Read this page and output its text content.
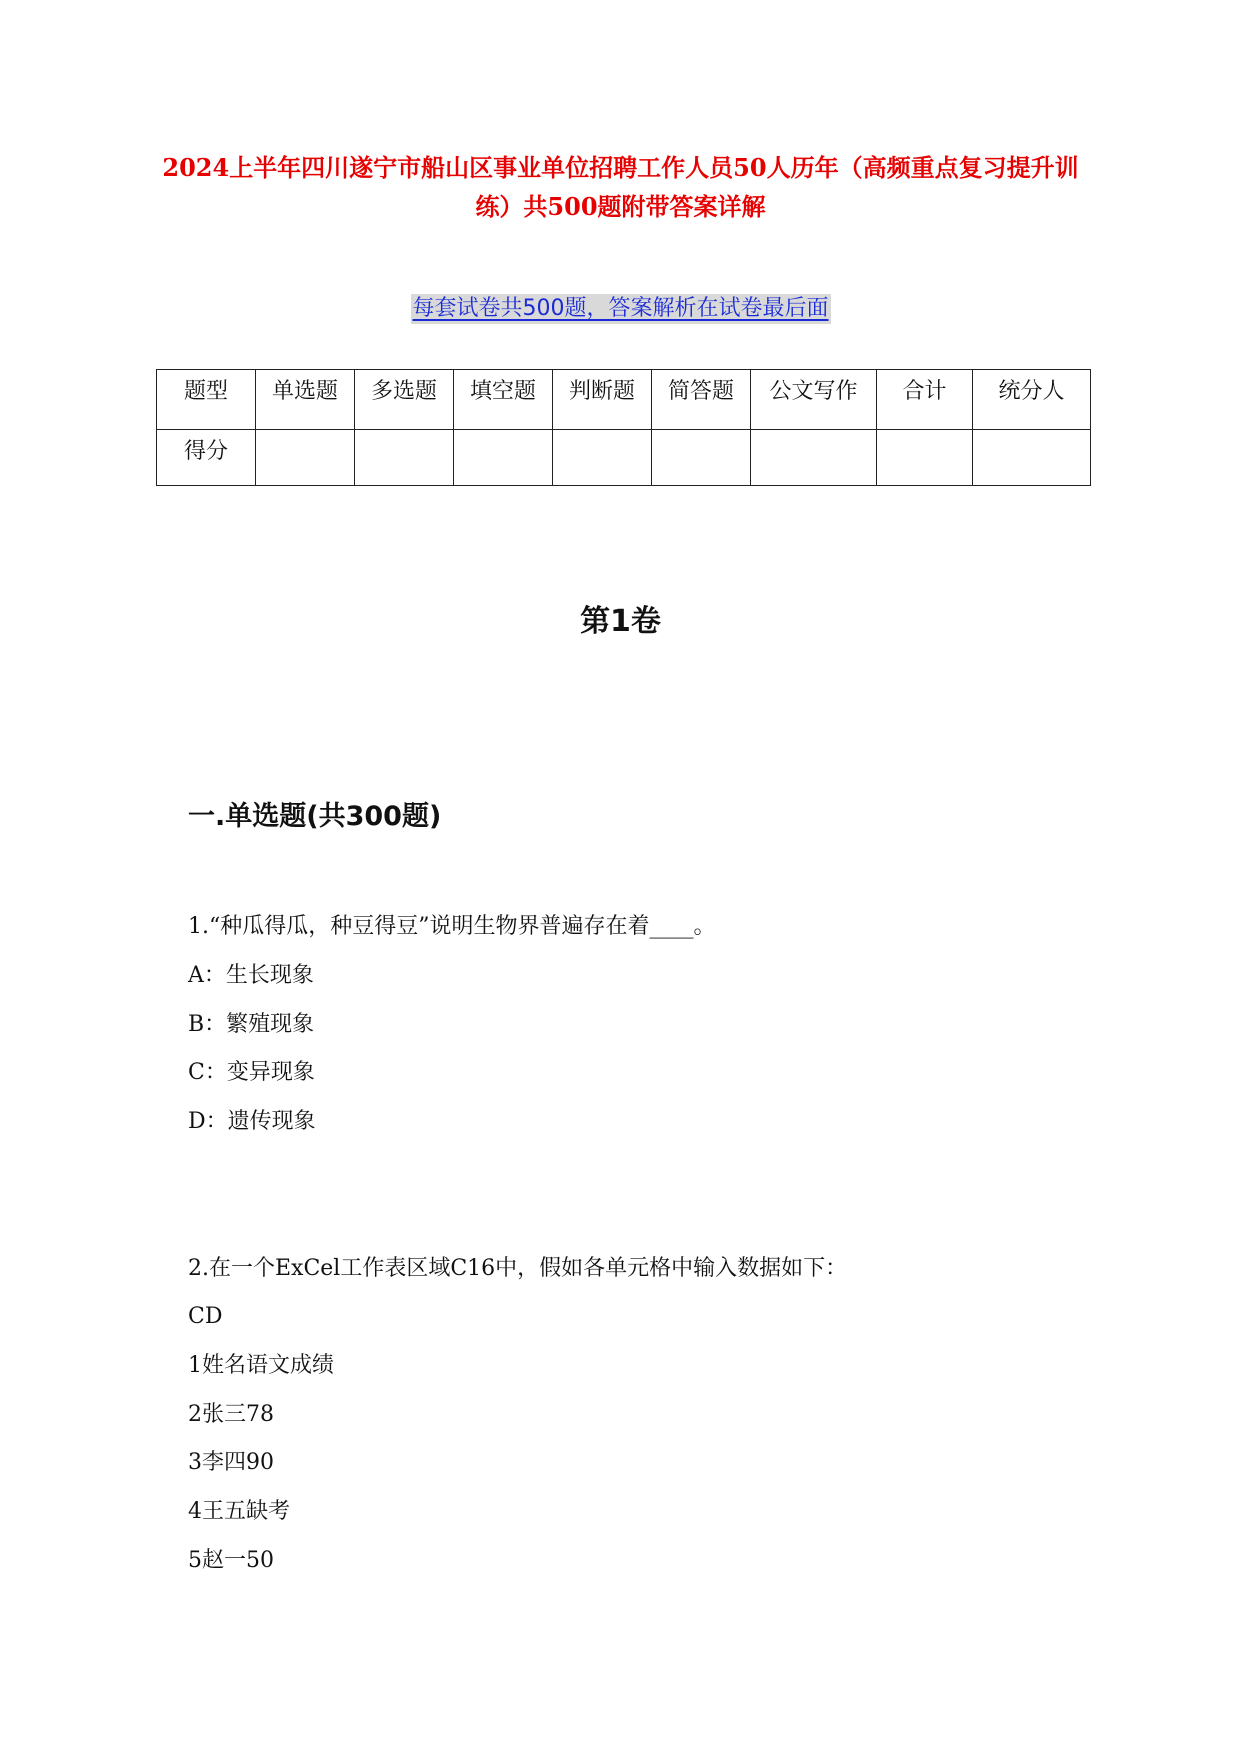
2024上半年四川遂宁市船山区事业单位招聘工作人员50人历年（高频重点复习提升训练）共500题附带答案详解
每套试卷共500题，答案解析在试卷最后面
题型	单选题	多选题	填空题	判断题	简答题	公文写作	合计	统分人
得分								
第1卷
一.单选题(共300题)

1.“种瓜得瓜，种豆得豆”说明生物界普遍存在着____。

A：生长现象

B：繁殖现象

C：变异现象

D：遗传现象

2.在一个ExCel工作表区域C16中，假如各单元格中输入数据如下：

CD

1姓名语文成绩

2张三78

3李四90

4王五缺考

5赵一50
